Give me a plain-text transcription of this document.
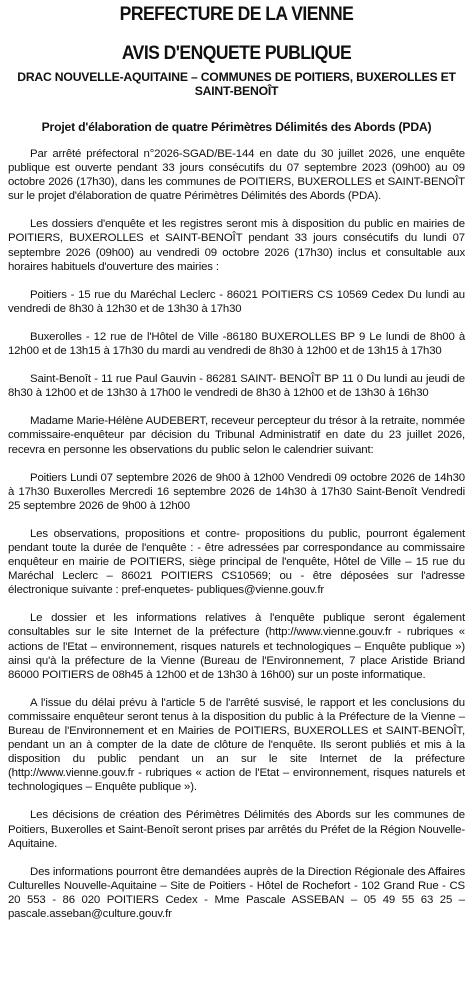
PREFECTURE DE LA VIENNE
AVIS D'ENQUETE PUBLIQUE
DRAC NOUVELLE-AQUITAINE – COMMUNES DE POITIERS, BUXEROLLES ET SAINT-BENOÎT
Projet d'élaboration de quatre Périmètres Délimités des Abords (PDA)

Par arrêté préfectoral n°2026-SGAD/BE-144 en date du 30 juillet 2026, une enquête publique est ouverte pendant 33 jours consécutifs du 07 septembre 2023 (09h00) au 09 octobre 2026 (17h30), dans les communes de POITIERS, BUXEROLLES et SAINT-BENOÎT sur le projet d'élaboration de quatre Périmètres Délimités des Abords (PDA).

Les dossiers d'enquête et les registres seront mis à disposition du public en mairies de POITIERS, BUXEROLLES et SAINT-BENOÎT pendant 33 jours consécutifs du lundi 07 septembre 2026 (09h00) au vendredi 09 octobre 2026 (17h30) inclus et consultable aux horaires habituels d'ouverture des mairies :

Poitiers - 15 rue du Maréchal Leclerc - 86021 POITIERS CS 10569 Cedex Du lundi au vendredi de 8h30 à 12h30 et de 13h30 à 17h30

Buxerolles - 12 rue de l'Hôtel de Ville -86180 BUXEROLLES BP 9 Le lundi de 8h00 à 12h00 et de 13h15 à 17h30 du mardi au vendredi de 8h30 à 12h00 et de 13h15 à 17h30

Saint-Benoît - 11 rue Paul Gauvin - 86281 SAINT- BENOÎT BP 11 0 Du lundi au jeudi de 8h30 à 12h00 et de 13h30 à 17h00 le vendredi de 8h30 à 12h00 et de 13h30 à 16h30

Madame Marie-Hélène AUDEBERT, receveur percepteur du trésor à la retraite, nommée commissaire-enquêteur par décision du Tribunal Administratif en date du 23 juillet 2026, recevra en personne les observations du public selon le calendrier suivant:

Poitiers Lundi 07 septembre 2026 de 9h00 à 12h00 Vendredi 09 octobre 2026 de 14h30 à 17h30 Buxerolles Mercredi 16 septembre 2026 de 14h30 à 17h30 Saint-Benoît Vendredi 25 septembre 2026 de 9h00 à 12h00

Les observations, propositions et contre- propositions du public, pourront également pendant toute la durée de l'enquête : - être adressées par correspondance au commissaire enquêteur en mairie de POITIERS, siège principal de l'enquête, Hôtel de Ville – 15 rue du Maréchal Leclerc – 86021 POITIERS CS10569; ou - être déposées sur l'adresse électronique suivante : pref-enquetes- publiques@vienne.gouv.fr

Le dossier et les informations relatives à l'enquête publique seront également consultables sur le site Internet de la préfecture (http://www.vienne.gouv.fr - rubriques « actions de l'Etat – environnement, risques naturels et technologiques – Enquête publique ») ainsi qu'à la préfecture de la Vienne (Bureau de l'Environnement, 7 place Aristide Briand 86000 POITIERS de 08h45 à 12h00 et de 13h30 à 16h00) sur un poste informatique.

A l'issue du délai prévu à l'article 5 de l'arrêté susvisé, le rapport et les conclusions du commissaire enquêteur seront tenus à la disposition du public à la Préfecture de la Vienne – Bureau de l'Environnement et en Mairies de POITIERS, BUXEROLLES et SAINT-BENOÎT, pendant un an à compter de la date de clôture de l'enquête. Ils seront publiés et mis à la disposition du public pendant un an sur le site Internet de la préfecture (http://www.vienne.gouv.fr - rubriques « action de l'Etat – environnement, risques naturels et technologiques – Enquête publique »).

Les décisions de création des Périmètres Délimités des Abords sur les communes de Poitiers, Buxerolles et Saint-Benoît seront prises par arrêtés du Préfet de la Région Nouvelle- Aquitaine.

Des informations pourront être demandées auprès de la Direction Régionale des Affaires Culturelles Nouvelle-Aquitaine – Site de Poitiers - Hôtel de Rochefort - 102 Grand Rue - CS 20 553 - 86 020 POITIERS Cedex - Mme Pascale ASSEBAN – 05 49 55 63 25 – pascale.asseban@culture.gouv.fr
